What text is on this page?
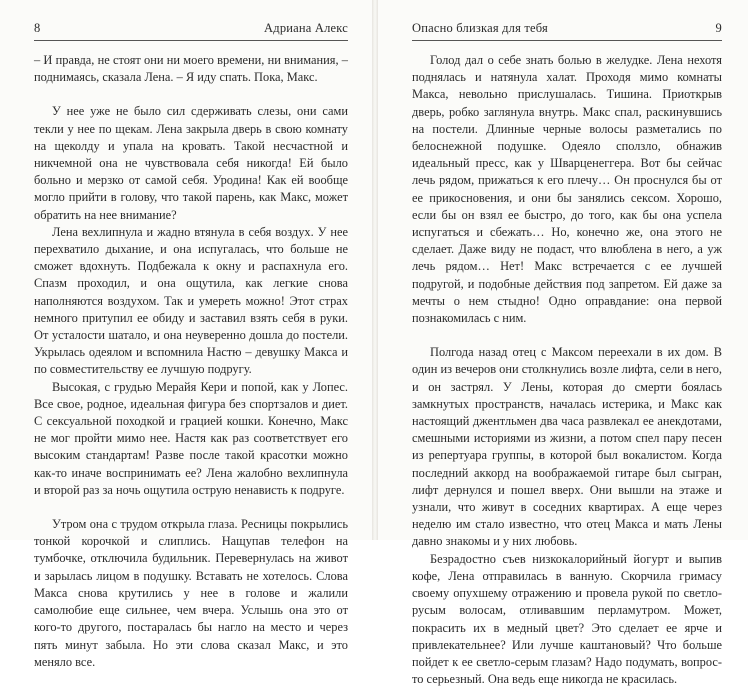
8	Адриана Алекс

– И правда, не стоят они ни моего времени, ни внимания, – поднимаясь, сказала Лена. – Я иду спать. Пока, Макс.

У нее уже не было сил сдерживать слезы, они сами текли у нее по щекам. Лена закрыла дверь в свою комнату на щеколду и упала на кровать. Такой несчастной и никчемной она не чувствовала себя никогда! Ей было больно и мерзко от самой себя. Уродина! Как ей вообще могло прийти в голову, что такой парень, как Макс, может обратить на нее внимание?

Лена вехлипнула и жадно втянула в себя воздух. У нее перехватило дыхание, и она испугалась, что больше не сможет вдохнуть. Подбежала к окну и распахнула его. Спазм проходил, и она ощутила, как легкие снова наполняются воздухом. Так и умереть можно! Этот страх немного притупил ее обиду и заставил взять себя в руки. От усталости шатало, и она неуверенно дошла до постели. Укрылась одеялом и вспомнила Настю – девушку Макса и по совместительству ее лучшую подругу.

Высокая, с грудью Мерайя Кери и попой, как у Лопес. Все свое, родное, идеальная фигура без спортзалов и диет. С сексуальной походкой и грацией кошки. Конечно, Макс не мог пройти мимо нее. Настя как раз соответствует его высоким стандартам! Разве после такой красотки можно как-то иначе воспринимать ее? Лена жалобно вехлипнула и второй раз за ночь ощутила острую ненависть к подруге.

Утром она с трудом открыла глаза. Ресницы покрылись тонкой корочкой и слиплись. Нащупав телефон на тумбочке, отключила будильник. Перевернулась на живот и зарылась лицом в подушку. Вставать не хотелось. Слова Макса снова крутились у нее в голове и жалили самолюбие еще сильнее, чем вчера. Услышь она это от кого-то другого, постаралась бы нагло на место и через пять минут забыла. Но эти слова сказал Макс, и это меняло все.

Опасно близкая для тебя	9

Голод дал о себе знать болью в желудке. Лена нехотя поднялась и натянула халат. Проходя мимо комнаты Макса, невольно прислушалась. Тишина. Приоткрыв дверь, робко заглянула внутрь. Макс спал, раскинувшись на постели. Длинные черные волосы разметались по белоснежной подушке. Одеяло сползло, обнажив идеальный пресс, как у Шварценеггера. Вот бы сейчас лечь рядом, прижаться к его плечу… Он проснулся бы от ее прикосновения, и они бы занялись сексом. Хорошо, если бы он взял ее быстро, до того, как бы она успела испугаться и сбежать… Но, конечно же, она этого не сделает. Даже виду не подаст, что влюблена в него, а уж лечь рядом… Нет! Макс встречается с ее лучшей подругой, и подобные действия под запретом. Ей даже за мечты о нем стыдно! Одно оправдание: она первой познакомилась с ним.

Полгода назад отец с Максом переехали в их дом. В один из вечеров они столкнулись возле лифта, сели в него, и он застрял. У Лены, которая до смерти боялась замкнутых пространств, началась истерика, и Макс как настоящий джентльмен два часа развлекал ее анекдотами, смешными историями из жизни, а потом спел пару песен из репертуара группы, в которой был вокалистом. Когда последний аккорд на воображаемой гитаре был сыгран, лифт дернулся и пошел вверх. Они вышли на этаже и узнали, что живут в соседних квартирах. А еще через неделю им стало известно, что отец Макса и мать Лены давно знакомы и у них любовь.

Безрадостно съев низкокалорийный йогурт и выпив кофе, Лена отправилась в ванную. Скорчила гримасу своему опухшему отражению и провела рукой по светло-русым волосам, отливавшим перламутром. Может, покрасить их в медный цвет? Это сделает ее ярче и привлекательнее? Или лучше каштановый? Что больше пойдет к ее светло-серым глазам? Надо подумать, вопрос-то серьезный. Она ведь еще никогда не красилась.
